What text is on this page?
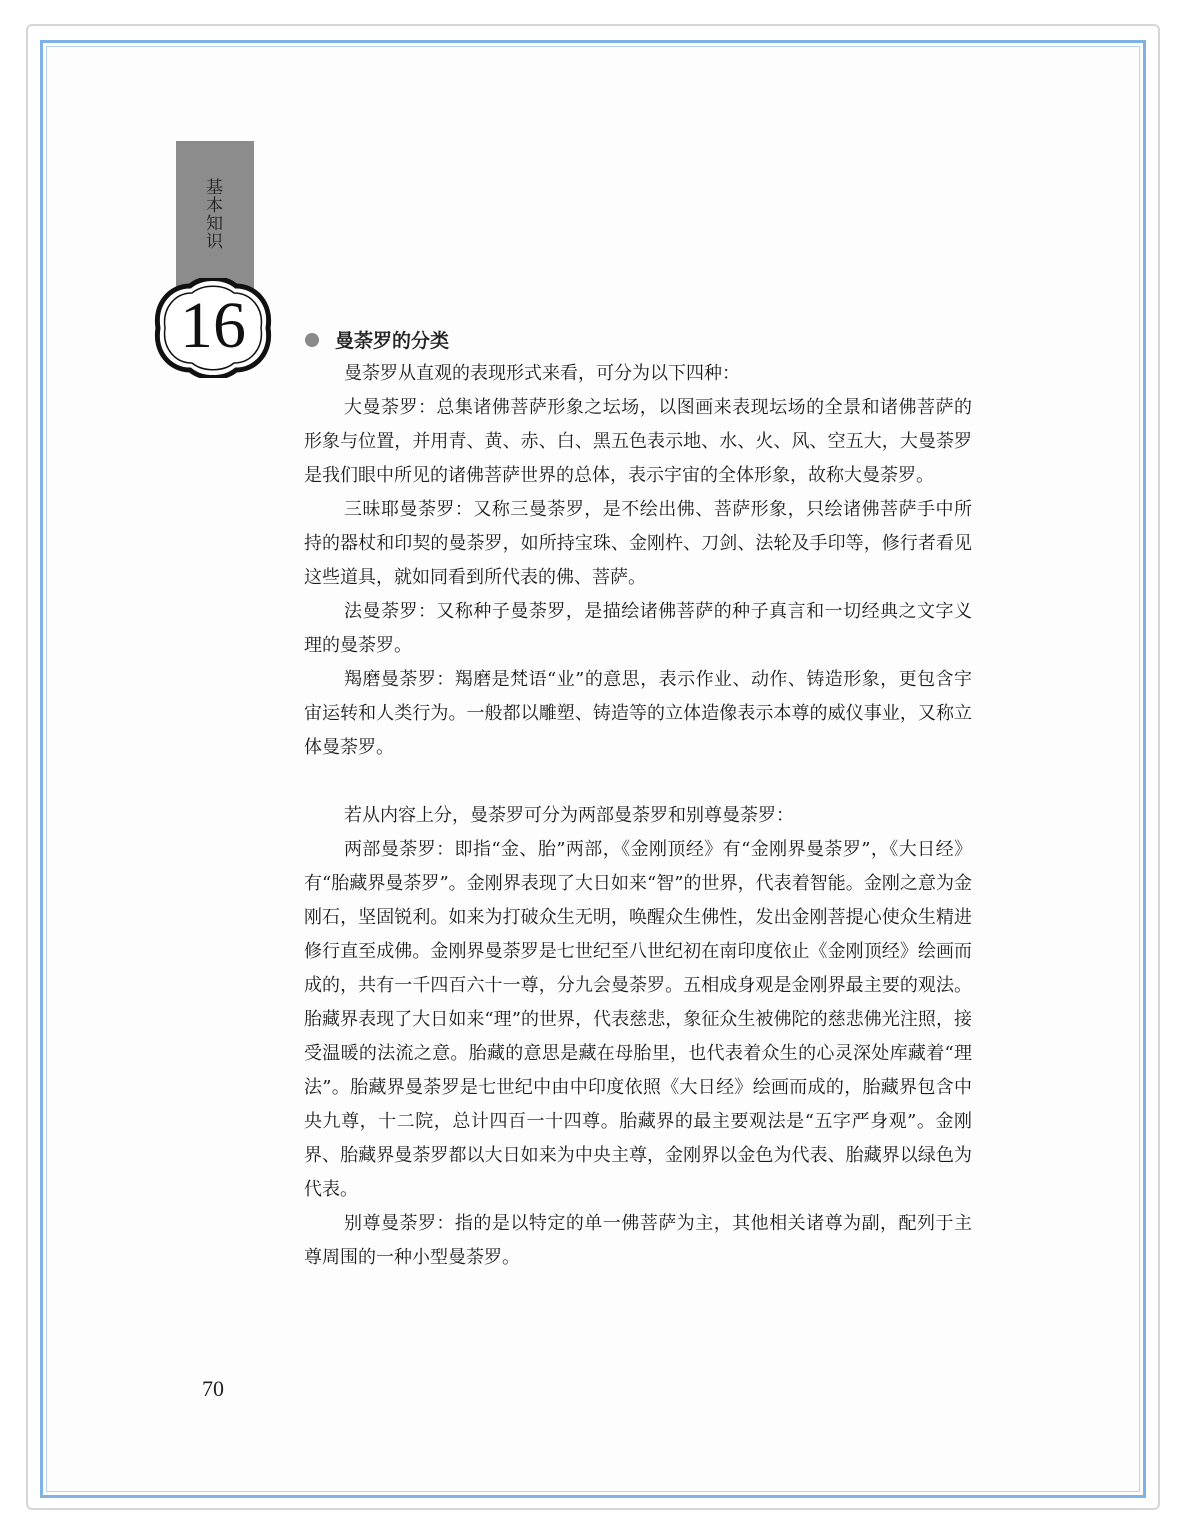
基本知识
16	曼荼罗的分类

曼荼罗从直观的表现形式来看，可分为以下四种：

大曼荼罗：总集诸佛菩萨形象之坛场，以图画来表现坛场的全景和诸佛菩萨的形象与位置，并用青、黄、赤、白、黑五色表示地、水、火、风、空五大，大曼荼罗是我们眼中所见的诸佛菩萨世界的总体，表示宇宙的全体形象，故称大曼荼罗。

三昧耶曼荼罗：又称三曼荼罗，是不绘出佛、菩萨形象，只绘诸佛菩萨手中所持的器杖和印契的曼荼罗，如所持宝珠、金刚杵、刀剑、法轮及手印等，修行者看见这些道具，就如同看到所代表的佛、菩萨。

法曼荼罗：又称种子曼荼罗，是描绘诸佛菩萨的种子真言和一切经典之文字义理的曼荼罗。

羯磨曼荼罗：羯磨是梵语“业”的意思，表示作业、动作、铸造形象，更包含宇宙运转和人类行为。一般都以雕塑、铸造等的立体造像表示本尊的威仪事业，又称立体曼荼罗。

若从内容上分，曼荼罗可分为两部曼荼罗和别尊曼荼罗：

两部曼荼罗：即指“金、胎”两部，《金刚顶经》有“金刚界曼荼罗”，《大日经》有“胎藏界曼荼罗”。金刚界表现了大日如来“智”的世界，代表着智能。金刚之意为金刚石，坚固锐利。如来为打破众生无明，唤醒众生佛性，发出金刚菩提心使众生精进修行直至成佛。金刚界曼荼罗是七世纪至八世纪初在南印度依止《金刚顶经》绘画而成的，共有一千四百六十一尊，分九会曼荼罗。五相成身观是金刚界最主要的观法。胎藏界表现了大日如来“理”的世界，代表慈悲，象征众生被佛陀的慈悲佛光注照，接受温暖的法流之意。胎藏的意思是藏在母胎里，也代表着众生的心灵深处库藏着“理法”。胎藏界曼荼罗是七世纪中由中印度依照《大日经》绘画而成的，胎藏界包含中央九尊，十二院，总计四百一十四尊。胎藏界的最主要观法是“五字严身观”。金刚界、胎藏界曼荼罗都以大日如来为中央主尊，金刚界以金色为代表、胎藏界以绿色为代表。

别尊曼荼罗：指的是以特定的单一佛菩萨为主，其他相关诸尊为副，配列于主尊周围的一种小型曼荼罗。

70
